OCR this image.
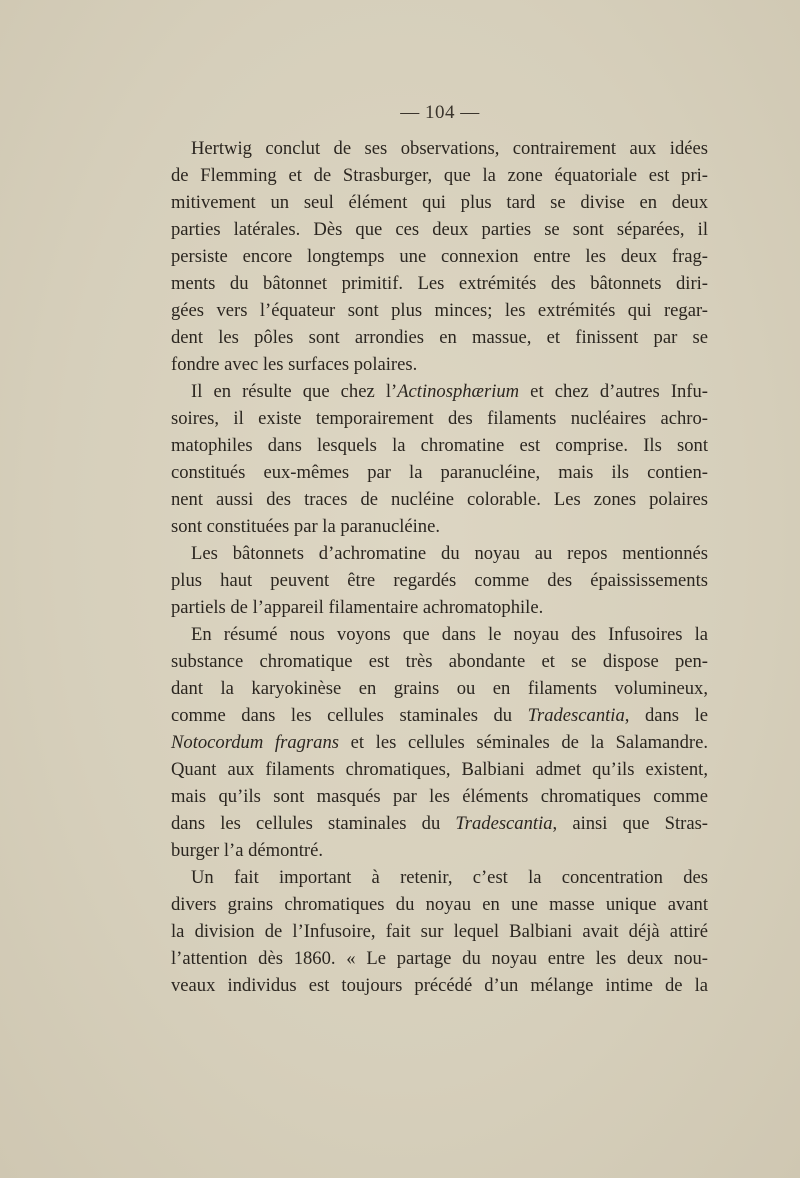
— 104 —
Hertwig conclut de ses observations, contrairement aux idées
de Flemming et de Strasburger, que la zone équatoriale est pri-
mitivement un seul élément qui plus tard se divise en deux
parties latérales. Dès que ces deux parties se sont séparées, il
persiste encore longtemps une connexion entre les deux frag-
ments du bâtonnet primitif. Les extrémités des bâtonnets diri-
gées vers l’équateur sont plus minces; les extrémités qui regar-
dent les pôles sont arrondies en massue, et finissent par se
fondre avec les surfaces polaires.
Il en résulte que chez l’Actinosphærium et chez d’autres Infu-
soires, il existe temporairement des filaments nucléaires achro-
matophiles dans lesquels la chromatine est comprise. Ils sont
constitués eux-mêmes par la paranucléine, mais ils contien-
nent aussi des traces de nucléine colorable. Les zones polaires
sont constituées par la paranucléine.
Les bâtonnets d’achromatine du noyau au repos mentionnés
plus haut peuvent être regardés comme des épaississements
partiels de l’appareil filamentaire achromatophile.
En résumé nous voyons que dans le noyau des Infusoires la
substance chromatique est très abondante et se dispose pen-
dant la karyokinèse en grains ou en filaments volumineux,
comme dans les cellules staminales du Tradescantia, dans le
Notocordum fragrans et les cellules séminales de la Salamandre.
Quant aux filaments chromatiques, Balbiani admet qu’ils existent,
mais qu’ils sont masqués par les éléments chromatiques comme
dans les cellules staminales du Tradescantia, ainsi que Stras-
burger l’a démontré.
Un fait important à retenir, c’est la concentration des
divers grains chromatiques du noyau en une masse unique avant
la division de l’Infusoire, fait sur lequel Balbiani avait déjà attiré
l’attention dès 1860. « Le partage du noyau entre les deux nou-
veaux individus est toujours précédé d’un mélange intime de la
